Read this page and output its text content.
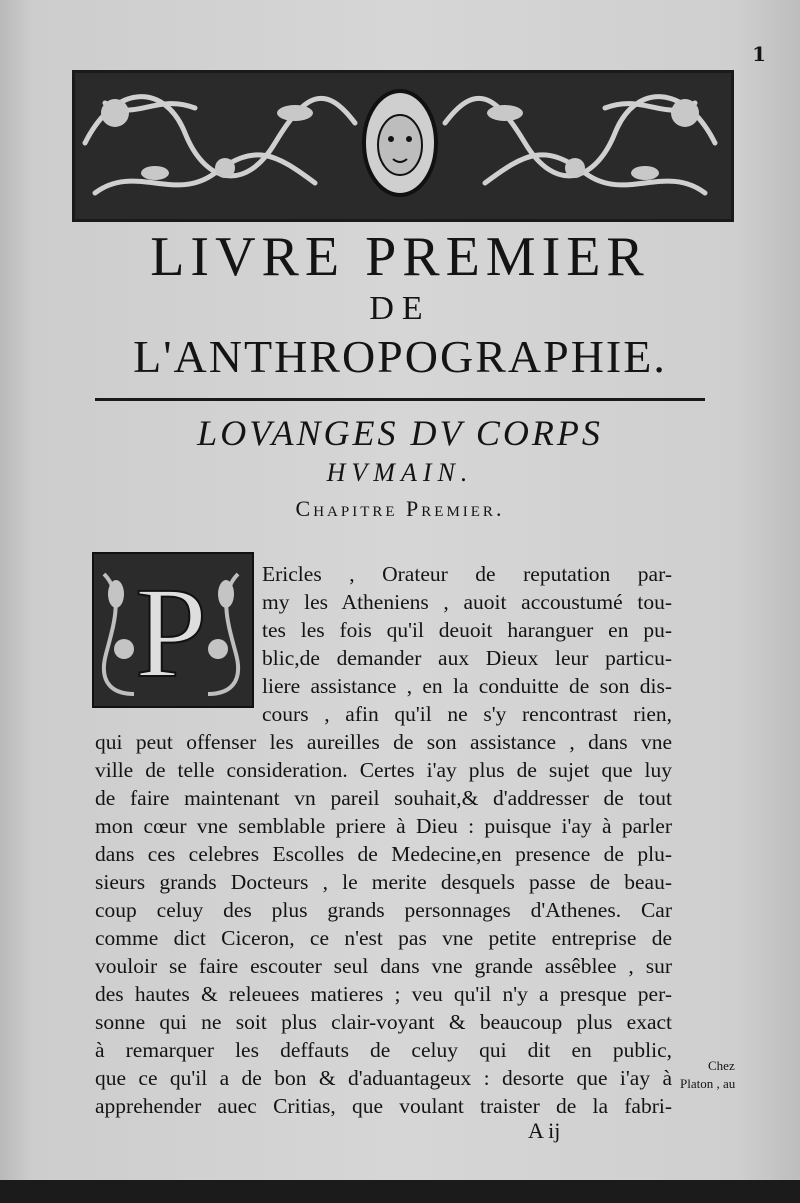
1
LIVRE PREMIER
DE
L'ANTHROPOGRAPHIE.
LOVANGES DV CORPS
HVMAIN.
Chapitre Premier.
P	Ericles , Orateur de reputation par-
my les Atheniens , auoit accoustumé tou-
tes les fois qu'il deuoit haranguer en pu-
blic,de demander aux Dieux leur particu-
liere assistance , en la conduitte de son dis-
cours , afin qu'il ne s'y rencontrast rien,
qui peut offenser les aureilles de son assistance , dans vne
ville de telle consideration. Certes i'ay plus de sujet que luy
de faire maintenant vn pareil souhait,& d'addresser de tout
mon cœur vne semblable priere à Dieu : puisque i'ay à parler
dans ces celebres Escolles de Medecine,en presence de plu-
sieurs grands Docteurs , le merite desquels passe de beau-
coup celuy des plus grands personnages d'Athenes. Car
comme dict Ciceron, ce n'est pas vne petite entreprise de
vouloir se faire escouter seul dans vne grande assêblee , sur
des hautes & releuees matieres ; veu qu'il n'y a presque per-
sonne qui ne soit plus clair-voyant & beaucoup plus exact
à remarquer les deffauts de celuy qui dit en public,
que ce qu'il a de bon & d'aduantageux : desorte que i'ay à
apprehender auec Critias, que voulant traister de la fabri-
A ij
Chez
Platon , au
